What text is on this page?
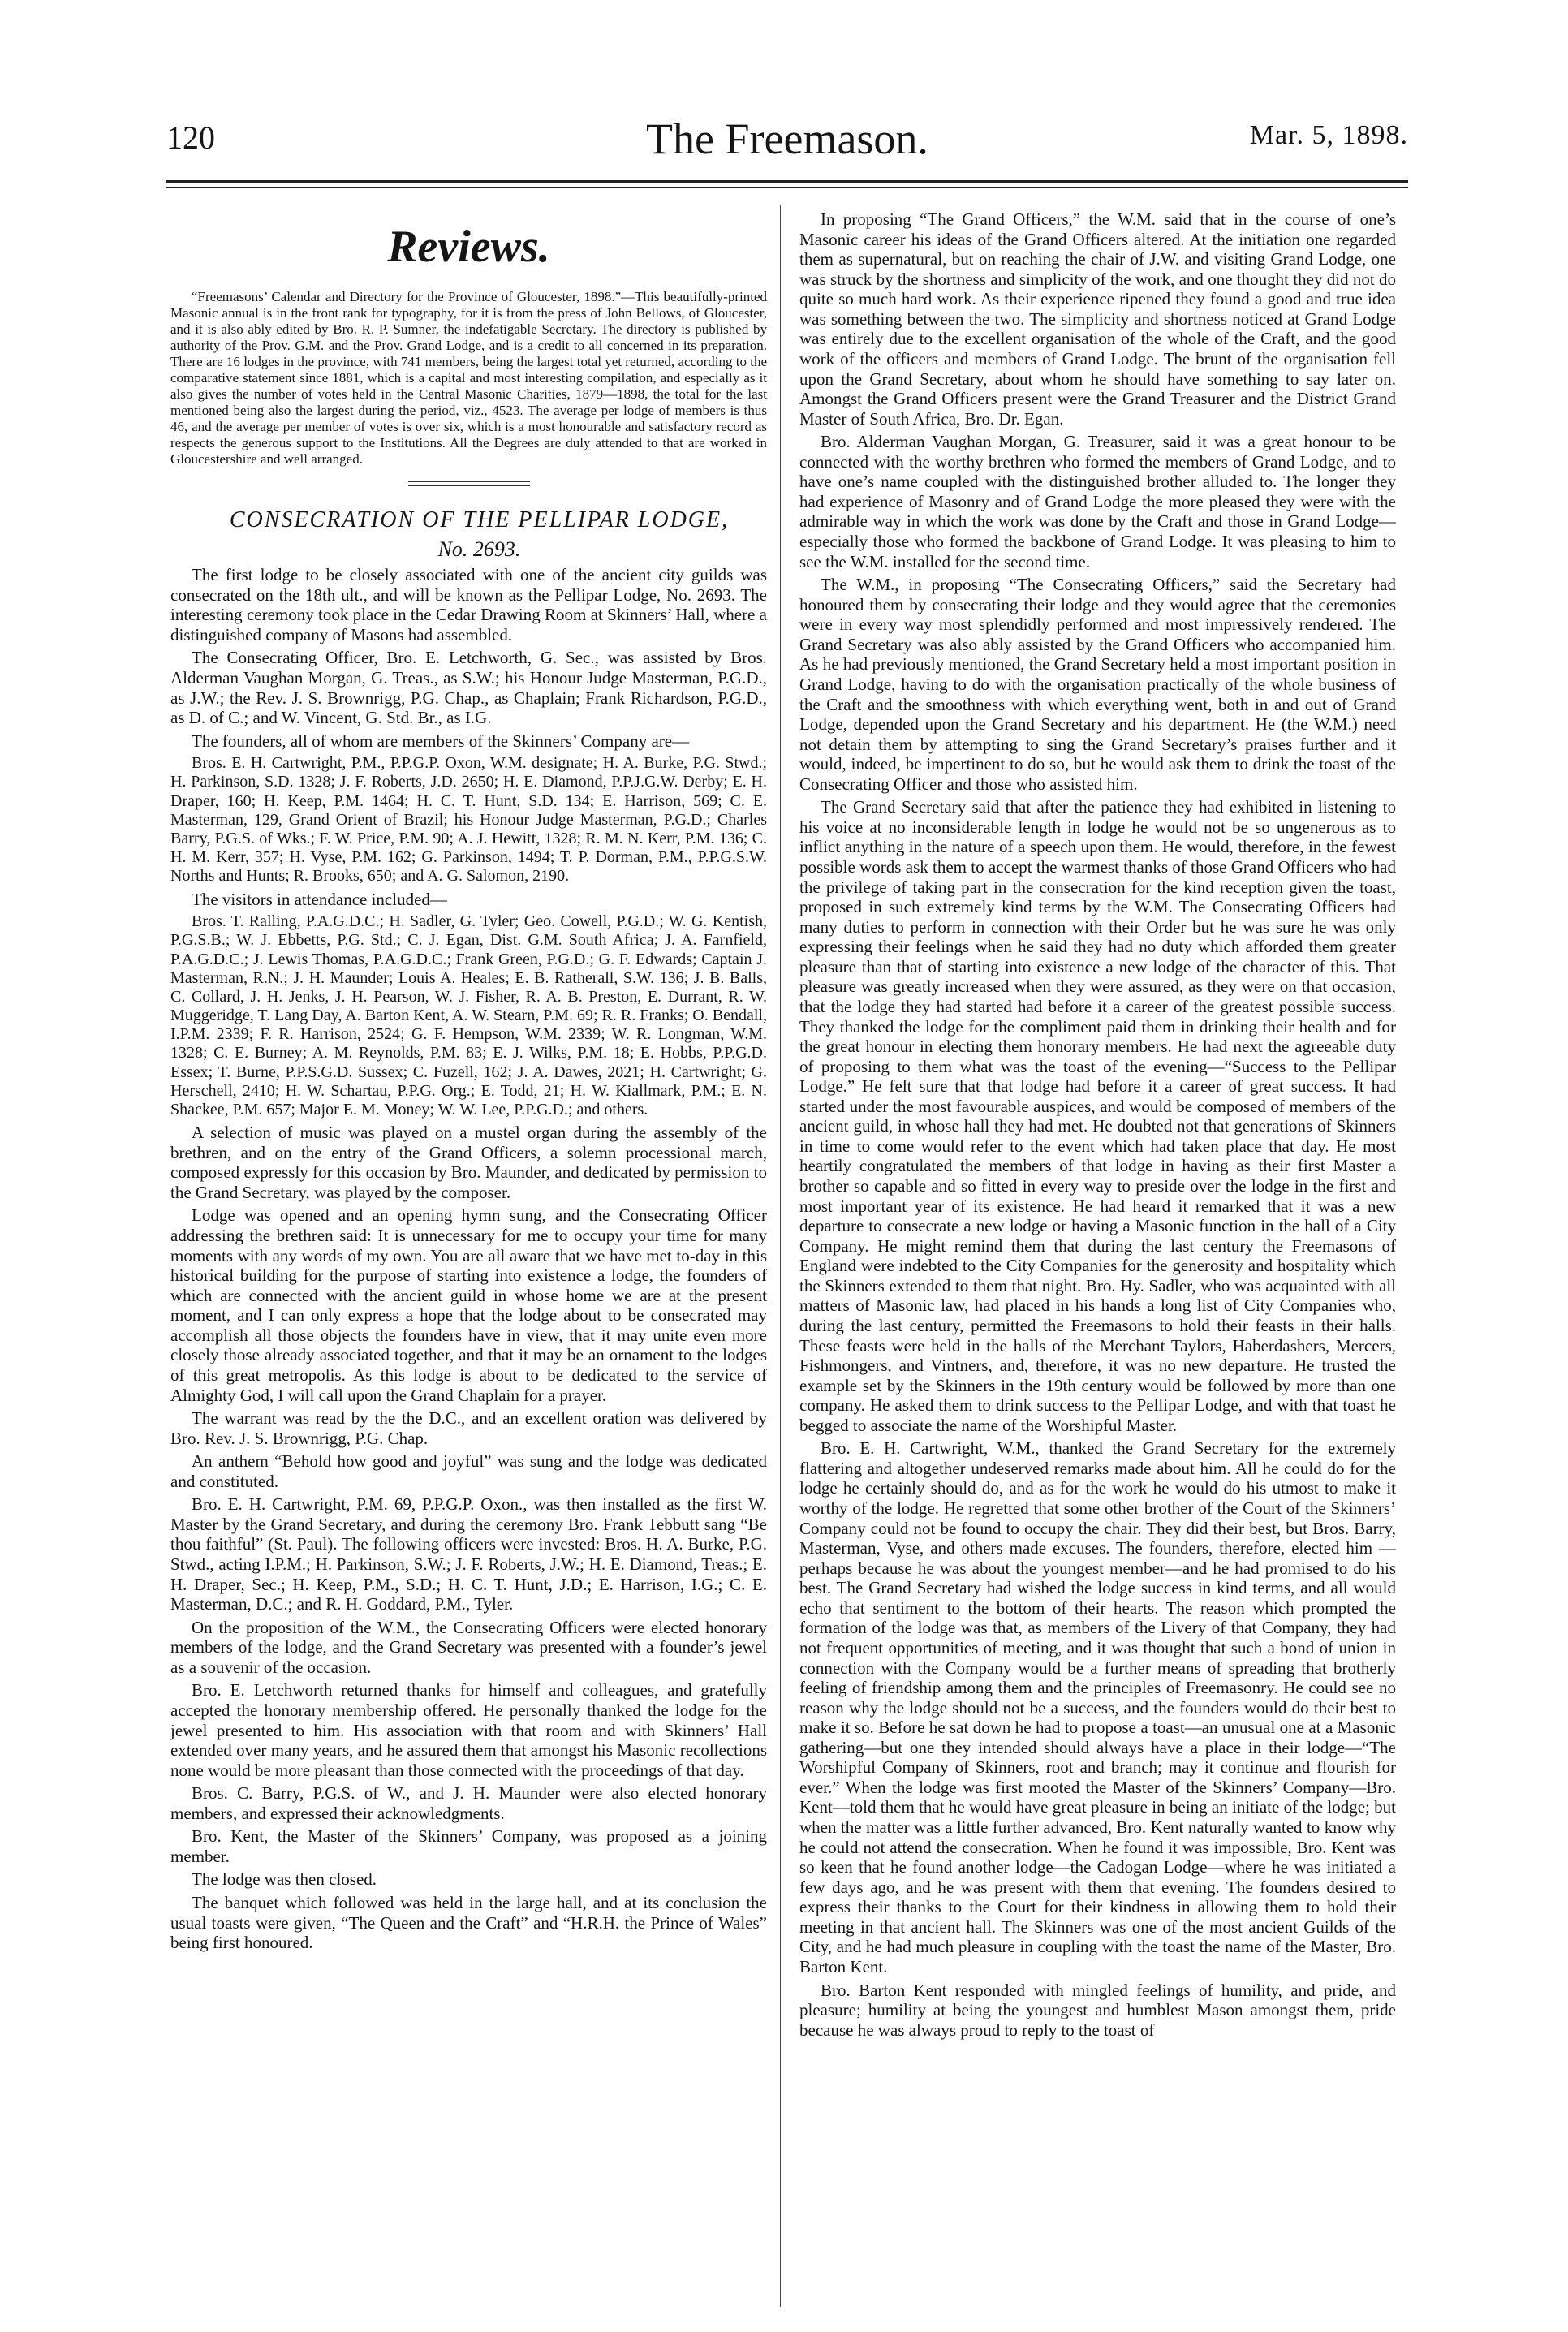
120	The Freemason.	Mar. 5, 1898.
Reviews.

“Freemasons’ Calendar and Directory for the Province of Gloucester, 1898.”—This beautifully-printed Masonic annual is in the front rank for typography, for it is from the press of John Bellows, of Gloucester, and it is also ably edited by Bro. R. P. Sumner, the indefatigable Secretary. The directory is published by authority of the Prov. G.M. and the Prov. Grand Lodge, and is a credit to all concerned in its preparation. There are 16 lodges in the province, with 741 members, being the largest total yet returned, according to the comparative statement since 1881, which is a capital and most interesting compilation, and especially as it also gives the number of votes held in the Central Masonic Charities, 1879—1898, the total for the last mentioned being also the largest during the period, viz., 4523. The average per lodge of members is thus 46, and the average per member of votes is over six, which is a most honourable and satisfactory record as respects the generous support to the Institutions. All the Degrees are duly attended to that are worked in Gloucestershire and well arranged.

CONSECRATION OF THE PELLIPAR LODGE,

No. 2693.

The first lodge to be closely associated with one of the ancient city guilds was consecrated on the 18th ult., and will be known as the Pellipar Lodge, No. 2693. The interesting ceremony took place in the Cedar Drawing Room at Skinners’ Hall, where a distinguished company of Masons had assembled.

The Consecrating Officer, Bro. E. Letchworth, G. Sec., was assisted by Bros. Alderman Vaughan Morgan, G. Treas., as S.W.; his Honour Judge Masterman, P.G.D., as J.W.; the Rev. J. S. Brownrigg, P.G. Chap., as Chaplain; Frank Richardson, P.G.D., as D. of C.; and W. Vincent, G. Std. Br., as I.G.

The founders, all of whom are members of the Skinners’ Company are—

Bros. E. H. Cartwright, P.M., P.P.G.P. Oxon, W.M. designate; H. A. Burke, P.G. Stwd.; H. Parkinson, S.D. 1328; J. F. Roberts, J.D. 2650; H. E. Diamond, P.P.J.G.W. Derby; E. H. Draper, 160; H. Keep, P.M. 1464; H. C. T. Hunt, S.D. 134; E. Harrison, 569; C. E. Masterman, 129, Grand Orient of Brazil; his Honour Judge Masterman, P.G.D.; Charles Barry, P.G.S. of Wks.; F. W. Price, P.M. 90; A. J. Hewitt, 1328; R. M. N. Kerr, P.M. 136; C. H. M. Kerr, 357; H. Vyse, P.M. 162; G. Parkinson, 1494; T. P. Dorman, P.M., P.P.G.S.W. Norths and Hunts; R. Brooks, 650; and A. G. Salomon, 2190.

The visitors in attendance included—

Bros. T. Ralling, P.A.G.D.C.; H. Sadler, G. Tyler; Geo. Cowell, P.G.D.; W. G. Kentish, P.G.S.B.; W. J. Ebbetts, P.G. Std.; C. J. Egan, Dist. G.M. South Africa; J. A. Farnfield, P.A.G.D.C.; J. Lewis Thomas, P.A.G.D.C.; Frank Green, P.G.D.; G. F. Edwards; Captain J. Masterman, R.N.; J. H. Maunder; Louis A. Heales; E. B. Ratherall, S.W. 136; J. B. Balls, C. Collard, J. H. Jenks, J. H. Pearson, W. J. Fisher, R. A. B. Preston, E. Durrant, R. W. Muggeridge, T. Lang Day, A. Barton Kent, A. W. Stearn, P.M. 69; R. R. Franks; O. Bendall, I.P.M. 2339; F. R. Harrison, 2524; G. F. Hempson, W.M. 2339; W. R. Longman, W.M. 1328; C. E. Burney; A. M. Reynolds, P.M. 83; E. J. Wilks, P.M. 18; E. Hobbs, P.P.G.D. Essex; T. Burne, P.P.S.G.D. Sussex; C. Fuzell, 162; J. A. Dawes, 2021; H. Cartwright; G. Herschell, 2410; H. W. Schartau, P.P.G. Org.; E. Todd, 21; H. W. Kiallmark, P.M.; E. N. Shackee, P.M. 657; Major E. M. Money; W. W. Lee, P.P.G.D.; and others.

A selection of music was played on a mustel organ during the assembly of the brethren, and on the entry of the Grand Officers, a solemn processional march, composed expressly for this occasion by Bro. Maunder, and dedicated by permission to the Grand Secretary, was played by the composer.

Lodge was opened and an opening hymn sung, and the Consecrating Officer addressing the brethren said: It is unnecessary for me to occupy your time for many moments with any words of my own. You are all aware that we have met to-day in this historical building for the purpose of starting into existence a lodge, the founders of which are connected with the ancient guild in whose home we are at the present moment, and I can only express a hope that the lodge about to be consecrated may accomplish all those objects the founders have in view, that it may unite even more closely those already associated together, and that it may be an ornament to the lodges of this great metropolis. As this lodge is about to be dedicated to the service of Almighty God, I will call upon the Grand Chaplain for a prayer.

The warrant was read by the the D.C., and an excellent oration was delivered by Bro. Rev. J. S. Brownrigg, P.G. Chap.

An anthem “Behold how good and joyful” was sung and the lodge was dedicated and constituted.

Bro. E. H. Cartwright, P.M. 69, P.P.G.P. Oxon., was then installed as the first W. Master by the Grand Secretary, and during the ceremony Bro. Frank Tebbutt sang “Be thou faithful” (St. Paul). The following officers were invested: Bros. H. A. Burke, P.G. Stwd., acting I.P.M.; H. Parkinson, S.W.; J. F. Roberts, J.W.; H. E. Diamond, Treas.; E. H. Draper, Sec.; H. Keep, P.M., S.D.; H. C. T. Hunt, J.D.; E. Harrison, I.G.; C. E. Masterman, D.C.; and R. H. Goddard, P.M., Tyler.

On the proposition of the W.M., the Consecrating Officers were elected honorary members of the lodge, and the Grand Secretary was presented with a founder’s jewel as a souvenir of the occasion.

Bro. E. Letchworth returned thanks for himself and colleagues, and gratefully accepted the honorary membership offered. He personally thanked the lodge for the jewel presented to him. His association with that room and with Skinners’ Hall extended over many years, and he assured them that amongst his Masonic recollections none would be more pleasant than those connected with the proceedings of that day.

Bros. C. Barry, P.G.S. of W., and J. H. Maunder were also elected honorary members, and expressed their acknowledgments.

Bro. Kent, the Master of the Skinners’ Company, was proposed as a joining member.

The lodge was then closed.

The banquet which followed was held in the large hall, and at its conclusion the usual toasts were given, “The Queen and the Craft” and “H.R.H. the Prince of Wales” being first honoured.

In proposing “The Grand Officers,” the W.M. said that in the course of one’s Masonic career his ideas of the Grand Officers altered. At the initiation one regarded them as supernatural, but on reaching the chair of J.W. and visiting Grand Lodge, one was struck by the shortness and simplicity of the work, and one thought they did not do quite so much hard work. As their experience ripened they found a good and true idea was something between the two. The simplicity and shortness noticed at Grand Lodge was entirely due to the excellent organisation of the whole of the Craft, and the good work of the officers and members of Grand Lodge. The brunt of the organisation fell upon the Grand Secretary, about whom he should have something to say later on. Amongst the Grand Officers present were the Grand Treasurer and the District Grand Master of South Africa, Bro. Dr. Egan.

Bro. Alderman Vaughan Morgan, G. Treasurer, said it was a great honour to be connected with the worthy brethren who formed the members of Grand Lodge, and to have one’s name coupled with the distinguished brother alluded to. The longer they had experience of Masonry and of Grand Lodge the more pleased they were with the admirable way in which the work was done by the Craft and those in Grand Lodge—especially those who formed the backbone of Grand Lodge. It was pleasing to him to see the W.M. installed for the second time.

The W.M., in proposing “The Consecrating Officers,” said the Secretary had honoured them by consecrating their lodge and they would agree that the ceremonies were in every way most splendidly performed and most impressively rendered. The Grand Secretary was also ably assisted by the Grand Officers who accompanied him. As he had previously mentioned, the Grand Secretary held a most important position in Grand Lodge, having to do with the organisation practically of the whole business of the Craft and the smoothness with which everything went, both in and out of Grand Lodge, depended upon the Grand Secretary and his department. He (the W.M.) need not detain them by attempting to sing the Grand Secretary’s praises further and it would, indeed, be impertinent to do so, but he would ask them to drink the toast of the Consecrating Officer and those who assisted him.

The Grand Secretary said that after the patience they had exhibited in listening to his voice at no inconsiderable length in lodge he would not be so ungenerous as to inflict anything in the nature of a speech upon them. He would, therefore, in the fewest possible words ask them to accept the warmest thanks of those Grand Officers who had the privilege of taking part in the consecration for the kind reception given the toast, proposed in such extremely kind terms by the W.M. The Consecrating Officers had many duties to perform in connection with their Order but he was sure he was only expressing their feelings when he said they had no duty which afforded them greater pleasure than that of starting into existence a new lodge of the character of this. That pleasure was greatly increased when they were assured, as they were on that occasion, that the lodge they had started had before it a career of the greatest possible success. They thanked the lodge for the compliment paid them in drinking their health and for the great honour in electing them honorary members. He had next the agreeable duty of proposing to them what was the toast of the evening—“Success to the Pellipar Lodge.” He felt sure that that lodge had before it a career of great success. It had started under the most favourable auspices, and would be composed of members of the ancient guild, in whose hall they had met. He doubted not that generations of Skinners in time to come would refer to the event which had taken place that day. He most heartily congratulated the members of that lodge in having as their first Master a brother so capable and so fitted in every way to preside over the lodge in the first and most important year of its existence. He had heard it remarked that it was a new departure to consecrate a new lodge or having a Masonic function in the hall of a City Company. He might remind them that during the last century the Freemasons of England were indebted to the City Companies for the generosity and hospitality which the Skinners extended to them that night. Bro. Hy. Sadler, who was acquainted with all matters of Masonic law, had placed in his hands a long list of City Companies who, during the last century, permitted the Freemasons to hold their feasts in their halls. These feasts were held in the halls of the Merchant Taylors, Haberdashers, Mercers, Fishmongers, and Vintners, and, therefore, it was no new departure. He trusted the example set by the Skinners in the 19th century would be followed by more than one company. He asked them to drink success to the Pellipar Lodge, and with that toast he begged to associate the name of the Worshipful Master.

Bro. E. H. Cartwright, W.M., thanked the Grand Secretary for the extremely flattering and altogether undeserved remarks made about him. All he could do for the lodge he certainly should do, and as for the work he would do his utmost to make it worthy of the lodge. He regretted that some other brother of the Court of the Skinners’ Company could not be found to occupy the chair. They did their best, but Bros. Barry, Masterman, Vyse, and others made excuses. The founders, therefore, elected him —perhaps because he was about the youngest member—and he had promised to do his best. The Grand Secretary had wished the lodge success in kind terms, and all would echo that sentiment to the bottom of their hearts. The reason which prompted the formation of the lodge was that, as members of the Livery of that Company, they had not frequent opportunities of meeting, and it was thought that such a bond of union in connection with the Company would be a further means of spreading that brotherly feeling of friendship among them and the principles of Freemasonry. He could see no reason why the lodge should not be a success, and the founders would do their best to make it so. Before he sat down he had to propose a toast—an unusual one at a Masonic gathering—but one they intended should always have a place in their lodge—“The Worshipful Company of Skinners, root and branch; may it continue and flourish for ever.” When the lodge was first mooted the Master of the Skinners’ Company—Bro. Kent—told them that he would have great pleasure in being an initiate of the lodge; but when the matter was a little further advanced, Bro. Kent naturally wanted to know why he could not attend the consecration. When he found it was impossible, Bro. Kent was so keen that he found another lodge—the Cadogan Lodge—where he was initiated a few days ago, and he was present with them that evening. The founders desired to express their thanks to the Court for their kindness in allowing them to hold their meeting in that ancient hall. The Skinners was one of the most ancient Guilds of the City, and he had much pleasure in coupling with the toast the name of the Master, Bro. Barton Kent.

Bro. Barton Kent responded with mingled feelings of humility, and pride, and pleasure; humility at being the youngest and humblest Mason amongst them, pride because he was always proud to reply to the toast of
